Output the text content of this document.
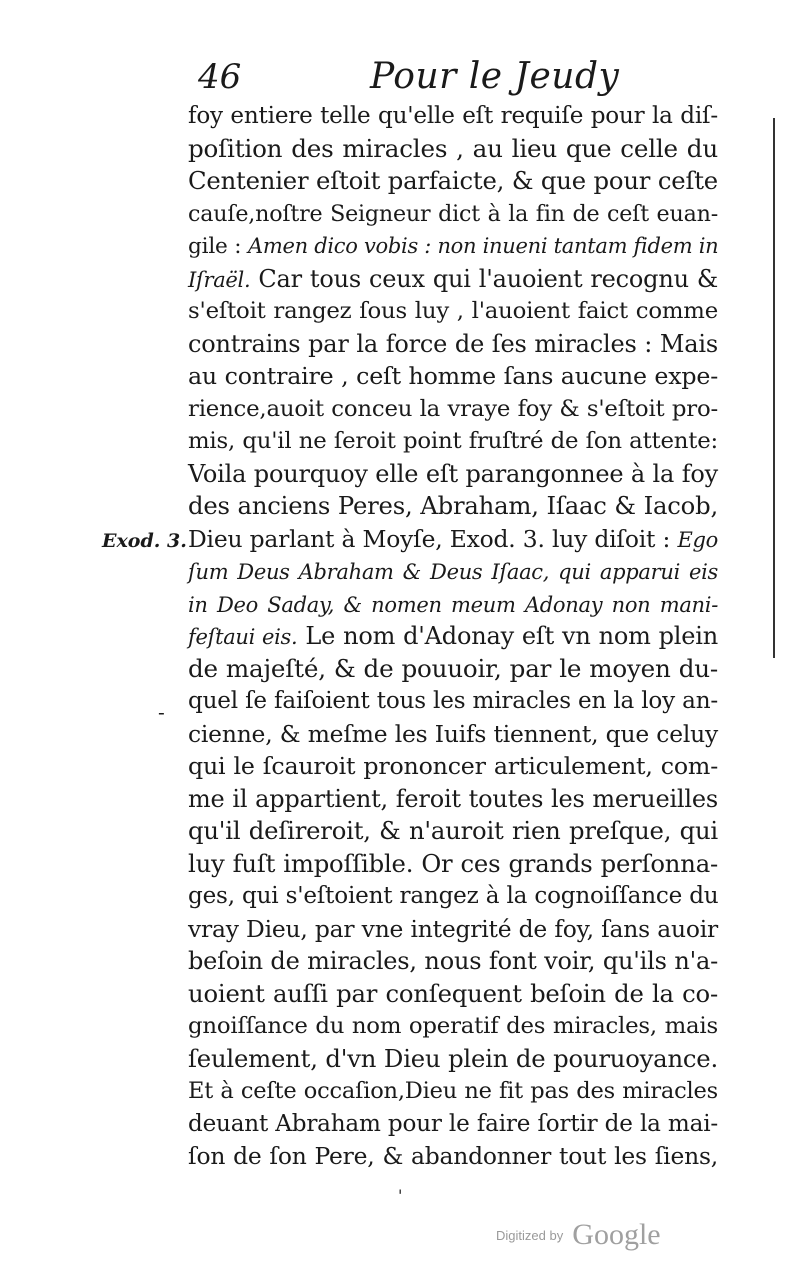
46	Pour le Jeudy
Exod. 3.
-
foy entiere telle qu'elle eſt requiſe pour la diſ-
poſition des miracles , au lieu que celle du
Centenier eſtoit parfaicte, & que pour ceſte
cauſe,noſtre Seigneur dict à la fin de ceſt euan-
gile : Amen dico vobis : non inueni tantam fidem in
Iſraël. Car tous ceux qui l'auoient recognu &
s'eſtoit rangez ſous luy , l'auoient faict comme
contrains par la force de ſes miracles : Mais
au contraire , ceſt homme ſans aucune expe-
rience,auoit conceu la vraye foy & s'eſtoit pro-
mis, qu'il ne ſeroit point fruſtré de ſon attente:
Voila pourquoy elle eſt parangonnee à la foy
des anciens Peres, Abraham, Iſaac & Iacob,
Dieu parlant à Moyſe, Exod. 3. luy diſoit : Ego
ſum Deus Abraham & Deus Iſaac, qui apparui eis
in Deo Saday, & nomen meum Adonay non mani-
feſtaui eis. Le nom d'Adonay eſt vn nom plein
de majeſté, & de pouuoir, par le moyen du-
quel ſe faiſoient tous les miracles en la loy an-
cienne, & meſme les Iuifs tiennent, que celuy
qui le ſcauroit prononcer articulement, com-
me il appartient, feroit toutes les merueilles
qu'il deſireroit, & n'auroit rien preſque, qui
luy fuſt impoſſible. Or ces grands perſonna-
ges, qui s'eſtoient rangez à la cognoiſſance du
vray Dieu, par vne integrité de foy, ſans auoir
beſoin de miracles, nous font voir, qu'ils n'a-
uoient auſſi par conſequent beſoin de la co-
gnoiſſance du nom operatif des miracles, mais
ſeulement, d'vn Dieu plein de pouruoyance.
Et à ceſte occaſion,Dieu ne fit pas des miracles
deuant Abraham pour le faire ſortir de la mai-
ſon de ſon Pere, & abandonner tout les ſiens,
'
Digitized by Google
